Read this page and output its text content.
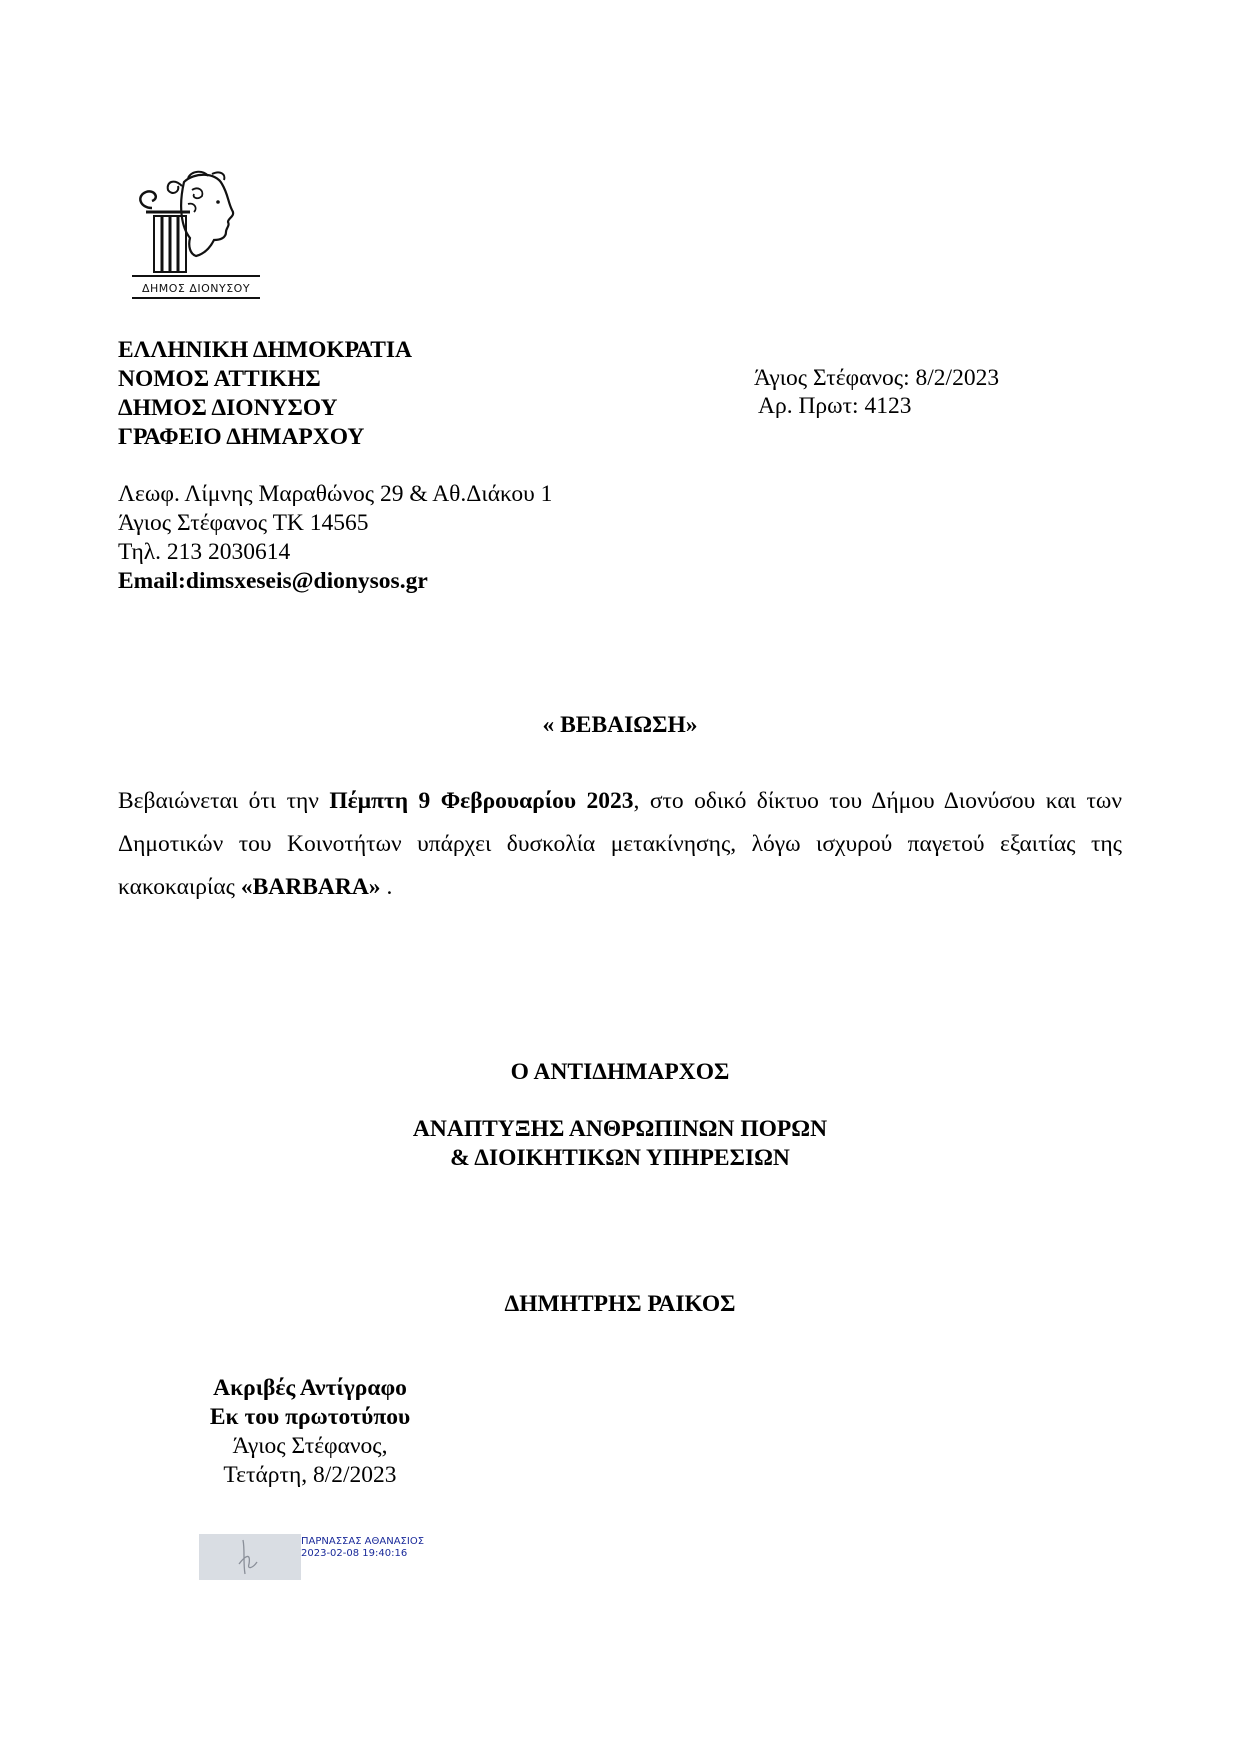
ΔΗΜΟΣ ΔΙΟΝΥΣΟΥ
ΕΛΛΗΝΙΚΗ ΔΗΜΟΚΡΑΤΙΑ
ΝΟΜΟΣ ΑΤΤΙΚΗΣ
ΔΗΜΟΣ ΔΙΟΝΥΣΟΥ
ΓΡΑΦΕΙΟ ΔΗΜΑΡΧΟΥ
Άγιος Στέφανος: 8/2/2023
Αρ. Πρωτ: 4123
Λεωφ. Λίμνης Μαραθώνος 29 & Αθ.Διάκου 1
Άγιος Στέφανος ΤΚ 14565
Τηλ. 213 2030614
Email:dimsxeseis@dionysos.gr
« ΒΕΒΑΙΩΣΗ»
Βεβαιώνεται ότι την Πέμπτη 9 Φεβρουαρίου 2023, στο οδικό δίκτυο του Δήμου Διονύσου και των Δημοτικών του Κοινοτήτων υπάρχει δυσκολία μετακίνησης, λόγω ισχυρού παγετού εξαιτίας της κακοκαιρίας «BARBARA» .
Ο ΑΝΤΙΔΗΜΑΡΧΟΣ
ΑΝΑΠΤΥΞΗΣ ΑΝΘΡΩΠΙΝΩΝ ΠΟΡΩΝ
& ΔΙΟΙΚΗΤΙΚΩΝ ΥΠΗΡΕΣΙΩΝ
ΔΗΜΗΤΡΗΣ ΡΑΙΚΟΣ
Ακριβές Αντίγραφο
Εκ του πρωτοτύπου
Άγιος Στέφανος,
Τετάρτη, 8/2/2023
ΠΑΡΝΑΣΣΑΣ ΑΘΑΝΑΣΙΟΣ
2023-02-08 19:40:16
